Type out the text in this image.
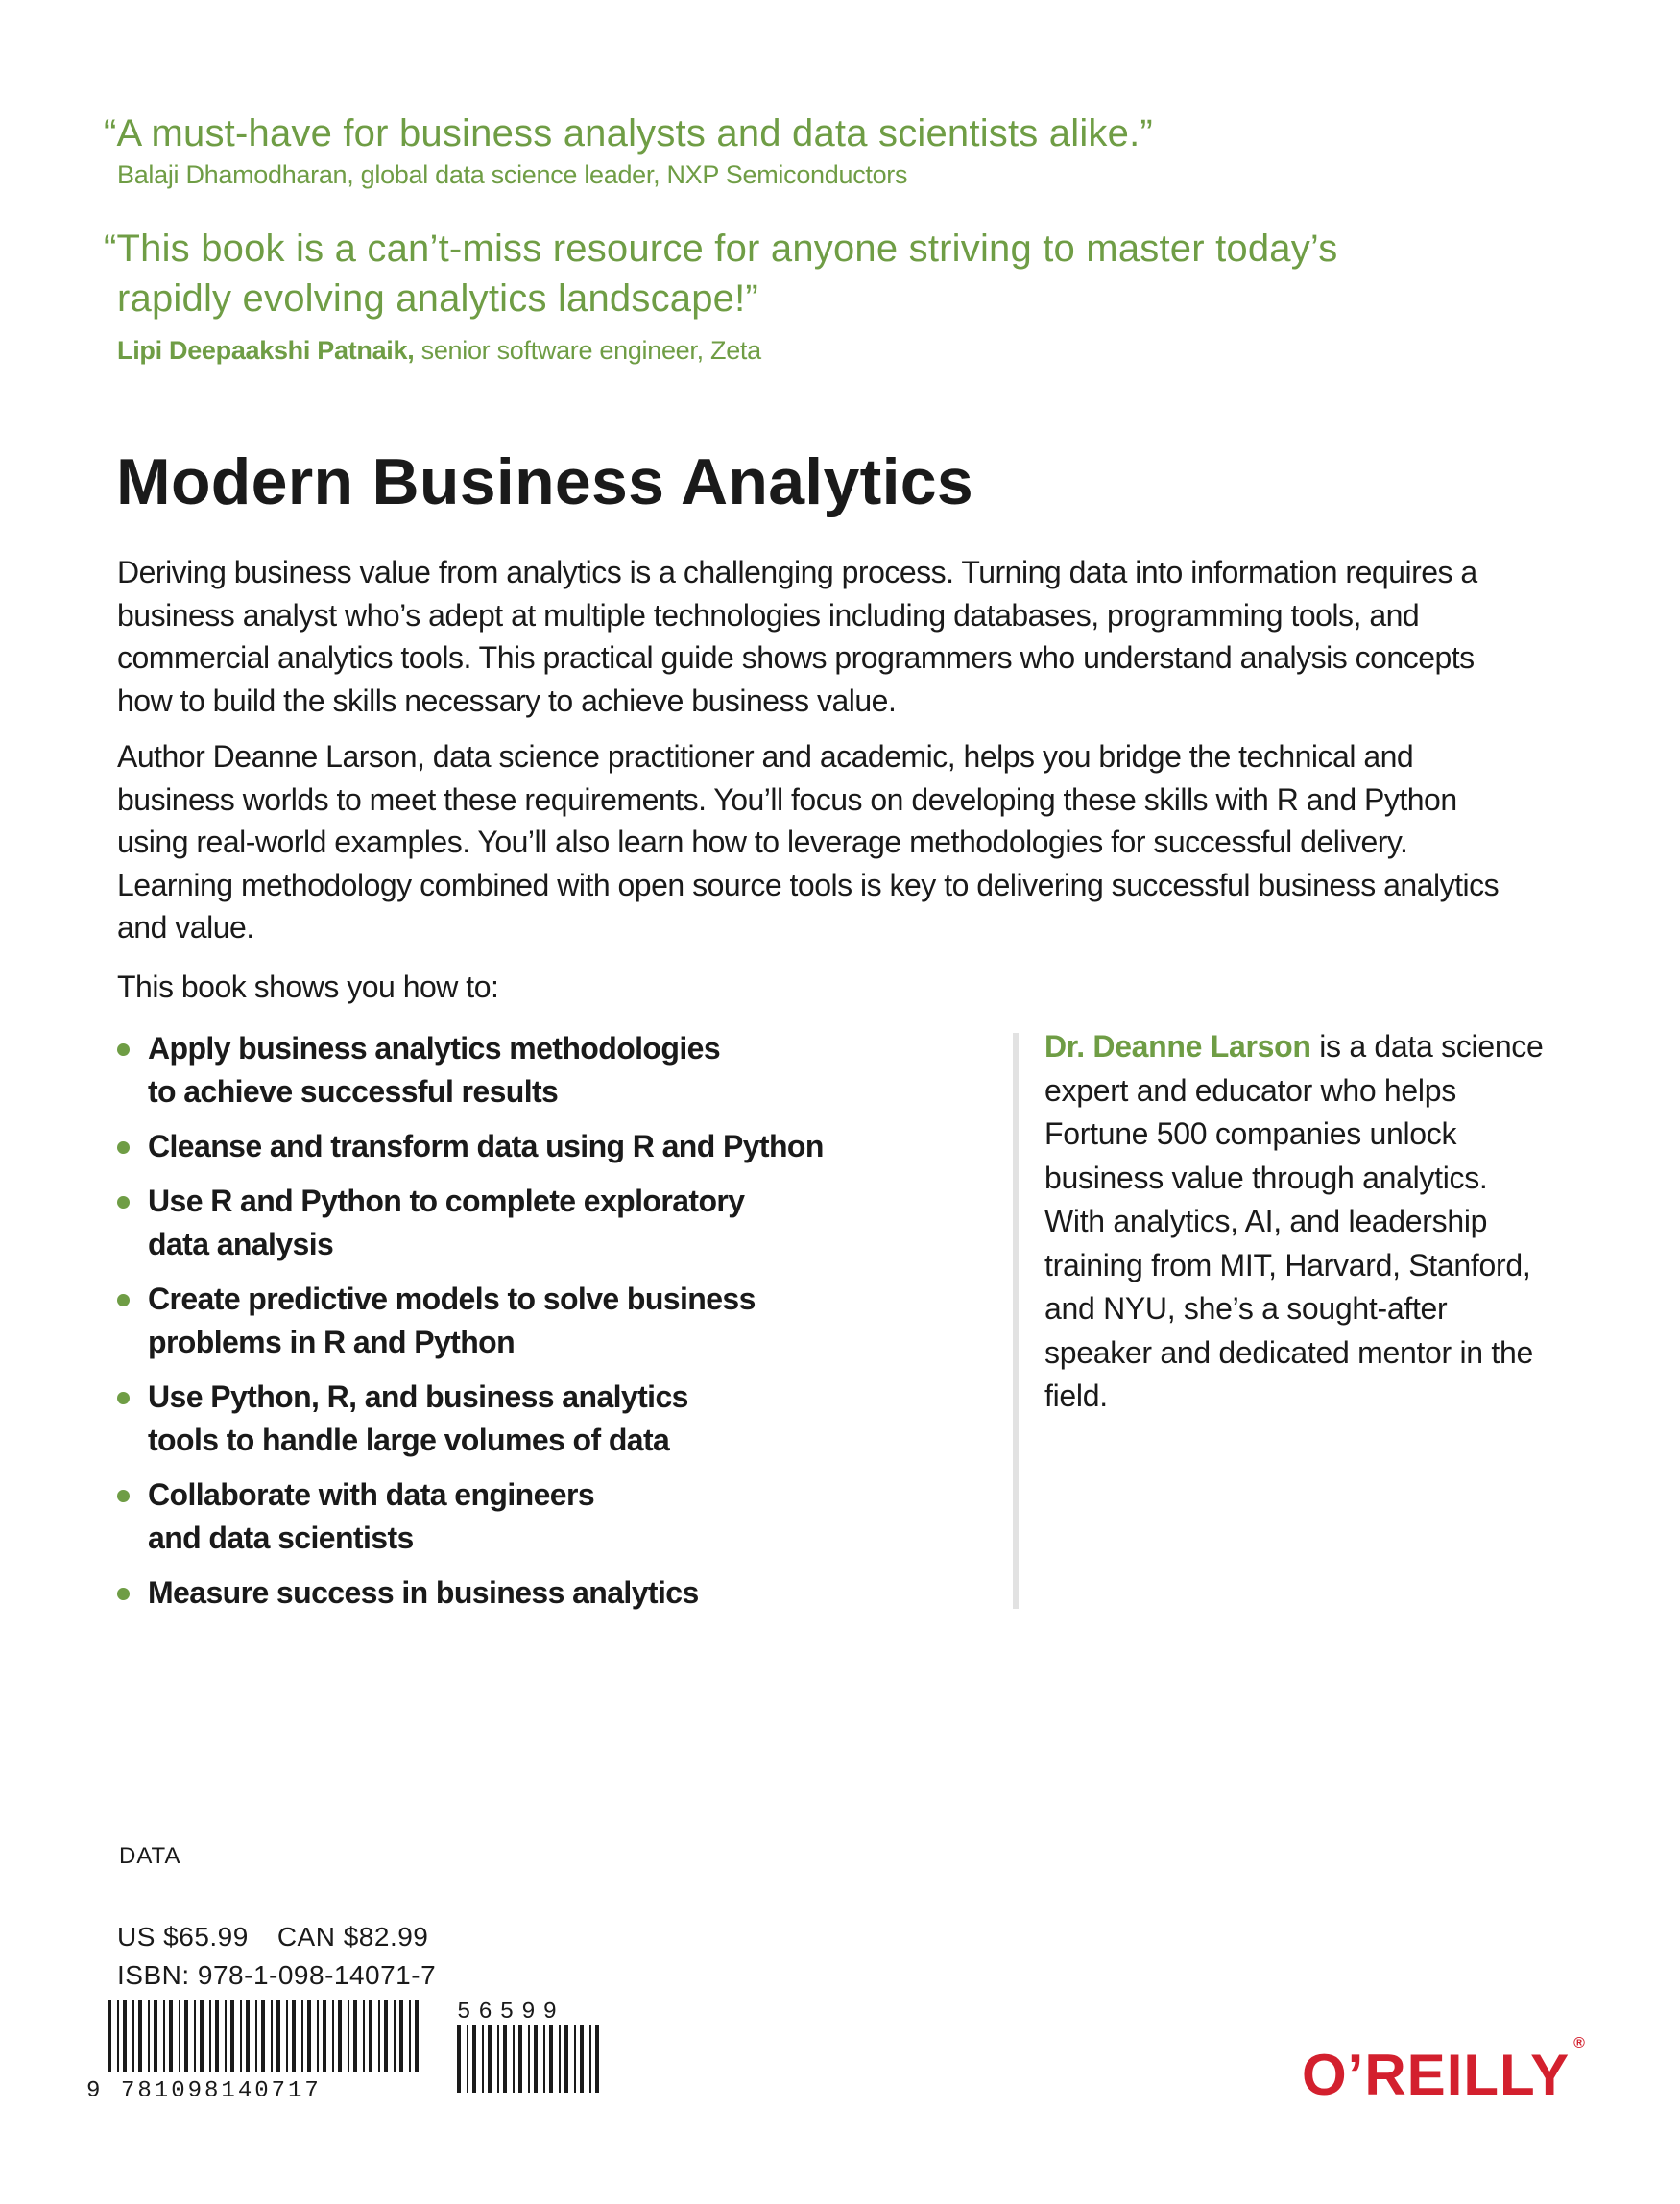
“A must-have for business analysts and data scientists alike.”
Balaji Dhamodharan, global data science leader, NXP Semiconductors
“This book is a can’t-miss resource for anyone striving to master today’s
rapidly evolving analytics landscape!”
Lipi Deepaakshi Patnaik, senior software engineer, Zeta
Modern Business Analytics

Deriving business value from analytics is a challenging process. Turning data into information requires a business analyst who’s adept at multiple technologies including databases, programming tools, and commercial analytics tools. This practical guide shows programmers who understand analysis concepts how to build the skills necessary to achieve business value.

Author Deanne Larson, data science practitioner and academic, helps you bridge the technical and business worlds to meet these requirements. You’ll focus on developing these skills with R and Python using real-world examples. You’ll also learn how to leverage methodologies for successful delivery. Learning methodology combined with open source tools is key to delivering successful business analytics and value.

This book shows you how to:
Apply business analytics methodologies to achieve successful results
Cleanse and transform data using R and Python
Use R and Python to complete exploratory data analysis
Create predictive models to solve business problems in R and Python
Use Python, R, and business analytics tools to handle large volumes of data
Collaborate with data engineers and data scientists
Measure success in business analytics
Dr. Deanne Larson is a data science expert and educator who helps Fortune 500 companies unlock business value through analytics. With analytics, AI, and leadership training from MIT, Harvard, Stanford, and NYU, she’s a sought-after speaker and dedicated mentor in the field.
DATA
US $65.99 CAN $82.99
ISBN: 978-1-098-14071-7
9 781098140717
56599
O’REILLY ®
